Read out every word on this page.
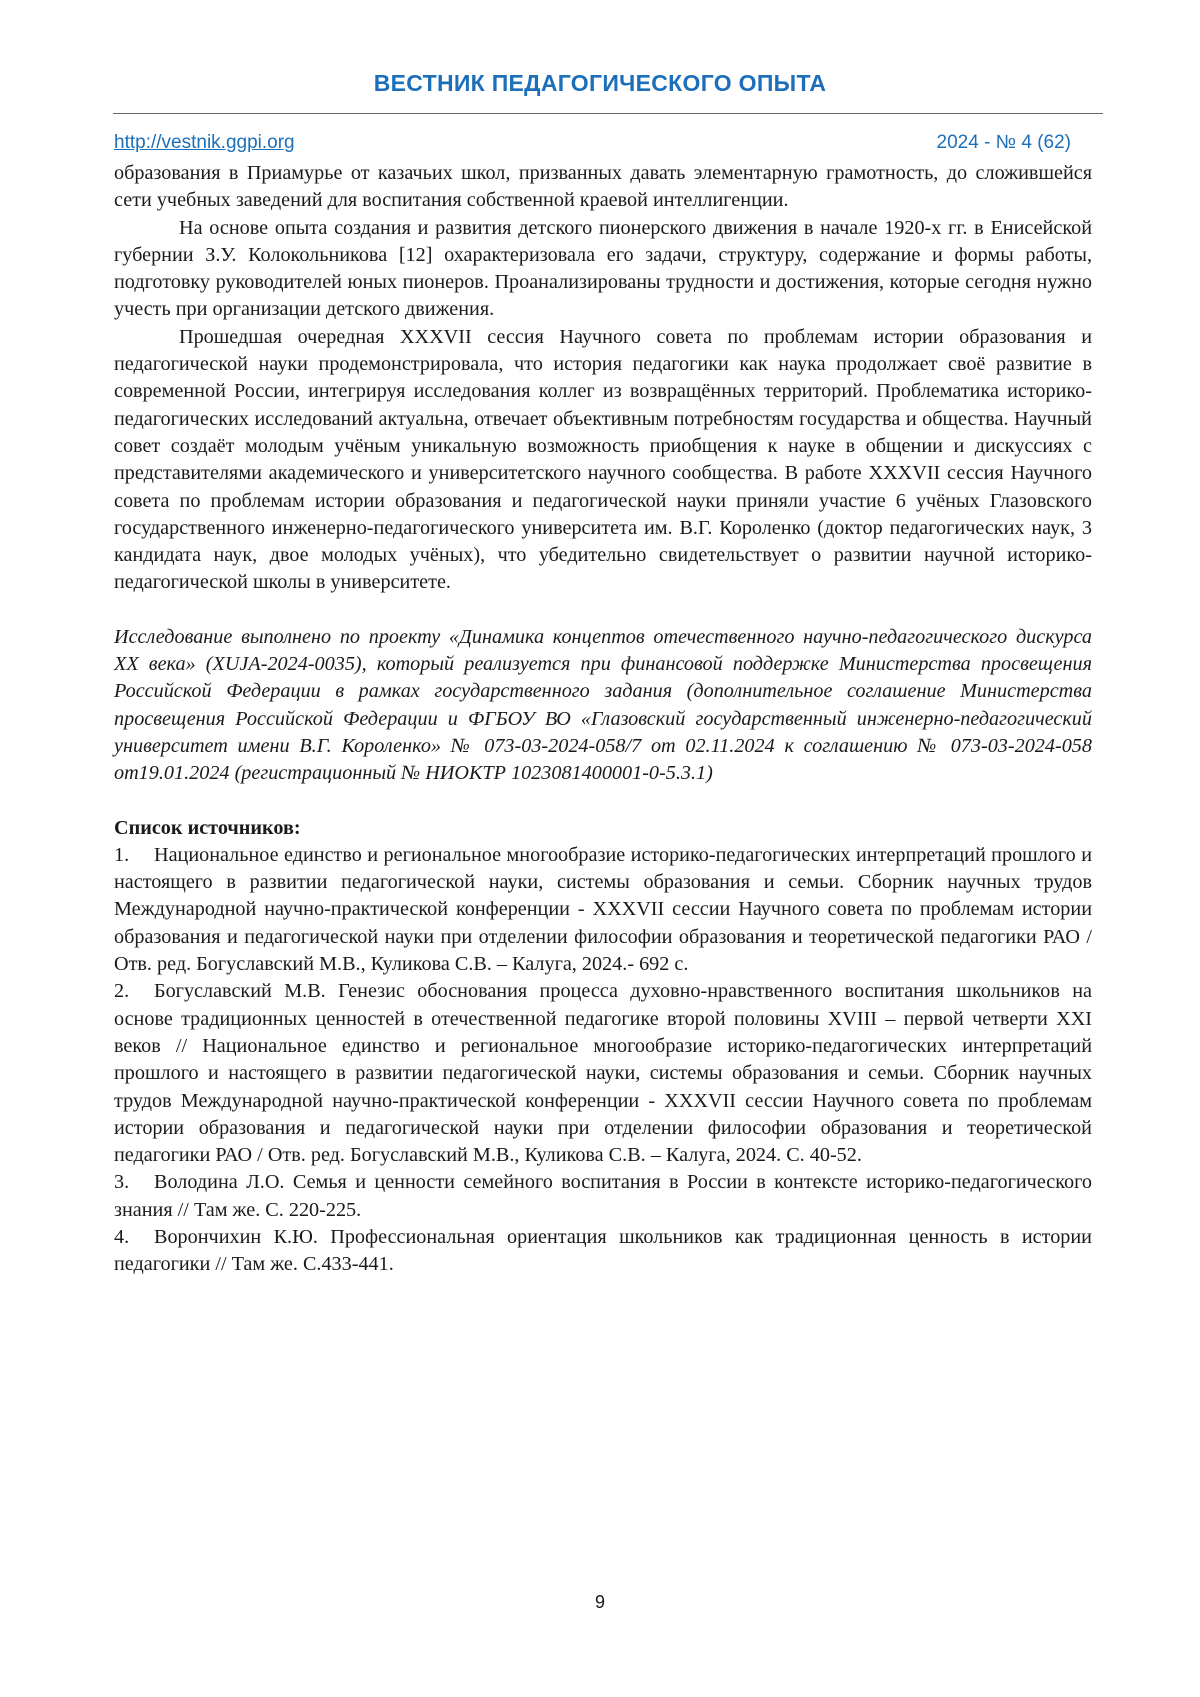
ВЕСТНИК ПЕДАГОГИЧЕСКОГО ОПЫТА
http://vestnik.ggpi.org	2024 - № 4 (62)

образования в Приамурье от казачьих школ, призванных давать элементарную грамотность, до сложившейся сети учебных заведений для воспитания собственной краевой интеллигенции.

На основе опыта создания и развития детского пионерского движения в начале 1920-х гг. в Енисейской губернии З.У. Колокольникова [12] охарактеризовала его задачи, структуру, содержание и формы работы, подготовку руководителей юных пионеров. Проанализированы трудности и достижения, которые сегодня нужно учесть при организации детского движения.

Прошедшая очередная XXXVII сессия Научного совета по проблемам истории образования и педагогической науки продемонстрировала, что история педагогики как наука продолжает своё развитие в современной России, интегрируя исследования коллег из возвращённых территорий. Проблематика историко-педагогических исследований актуальна, отвечает объективным потребностям государства и общества. Научный совет создаёт молодым учёным уникальную возможность приобщения к науке в общении и дискуссиях с представителями академического и университетского научного сообщества. В работе XXXVII сессия Научного совета по проблемам истории образования и педагогической науки приняли участие 6 учёных Глазовского государственного инженерно-педагогического университета им. В.Г. Короленко (доктор педагогических наук, 3 кандидата наук, двое молодых учёных), что убедительно свидетельствует о развитии научной историко-педагогической школы в университете.

Исследование выполнено по проекту «Динамика концептов отечественного научно-педагогического дискурса ХХ века» (XUJA-2024-0035), который реализуется при финансовой поддержке Министерства просвещения Российской Федерации в рамках государственного задания (дополнительное соглашение Министерства просвещения Российской Федерации и ФГБОУ ВО «Глазовский государственный инженерно-педагогический университет имени В.Г. Короленко» № 073-03-2024-058/7 от 02.11.2024 к соглашению № 073-03-2024-058 от19.01.2024 (регистрационный № НИОКТР 1023081400001-0-5.3.1)

Список источников:

1. Национальное единство и региональное многообразие историко-педагогических интерпретаций прошлого и настоящего в развитии педагогической науки, системы образования и семьи. Сборник научных трудов Международной научно-практической конференции - XXXVII сессии Научного совета по проблемам истории образования и педагогической науки при отделении философии образования и теоретической педагогики РАО / Отв. ред. Богуславский М.В., Куликова С.В. – Калуга, 2024.- 692 с.

2. Богуславский М.В. Генезис обоснования процесса духовно-нравственного воспитания школьников на основе традиционных ценностей в отечественной педагогике второй половины XVIII – первой четверти XXI веков // Национальное единство и региональное многообразие историко-педагогических интерпретаций прошлого и настоящего в развитии педагогической науки, системы образования и семьи. Сборник научных трудов Международной научно-практической конференции - XXXVII сессии Научного совета по проблемам истории образования и педагогической науки при отделении философии образования и теоретической педагогики РАО / Отв. ред. Богуславский М.В., Куликова С.В. – Калуга, 2024. С. 40-52.

3. Володина Л.О. Семья и ценности семейного воспитания в России в контексте историко-педагогического знания // Там же. С. 220-225.

4. Ворончихин К.Ю. Профессиональная ориентация школьников как традиционная ценность в истории педагогики // Там же. С.433-441.

9
